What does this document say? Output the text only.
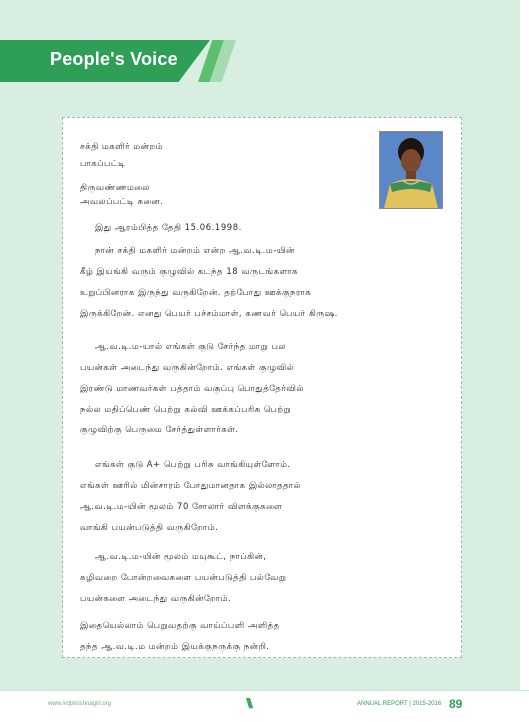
People's Voice
சக்தி மகளிர் மன்றம்
பாகப்பட்டி
திருவண்ணமலை
அவலப்பட்டி கனை.
இது ஆரம்பித்த தேதி 15.06.1998.
நான் சக்தி மகளிர் மன்றம் என்ற ஆ.வ.டி.ம-யின்
கீழ் இயங்கி வரும் குழுவில் கடந்த 18 வருடங்களாக
உறுப்பினராக இருந்து வருகிறேன். தற்போது ஊக்குநராக
இருக்கிறேன். எனது பெயர் பச்சம்மாள், கணவர் பெயர் கிருஷ.
ஆ.வ.டி.ம-யால் எங்கள் குடு சேர்ந்த மாறு பல
பயன்கள் அடைந்து வருகின்றோம். எங்கள் குழுவில்
இரண்டு மாணவர்கள் பத்தாம் வகுப்பு பொதுத்தேர்வில்
நல்ல மதிப்பெண் பெற்று கல்வி ஊக்கப்பரிசு பெற்று
குழுவிற்கு பெருமை சேர்த்துள்ளார்கள்.
எங்கள் குடு A+ பெற்று பரிசு வாங்கியுள்ளோம்.
எங்கள் ஊரில் மின்சாரம் போதுமானதாக இல்லாததால்
ஆ.வ.டி.ம-யின் மூலம் 70 சோலார் விளக்குகளை
வாங்கி பயன்படுத்தி வருகிறோம்.
ஆ.வ.டி.ம-யின் மூலம் மயுகூட், நாப்கின்,
கழிவறை போன்றவைகளை பயன்படுத்தி பல்வேறு
பயன்களை அடைந்து வருகின்றோம்.
இதையெல்லாம் பெறுவதற்கு வாய்ப்பளி அளித்த
தந்த ஆ.வ.டி.ம மன்றம் இயக்குநருக்கு நன்றி.
www.ivdpkrishnagiri.org	\\\	ANNUAL REPORT | 2015-2016 89
